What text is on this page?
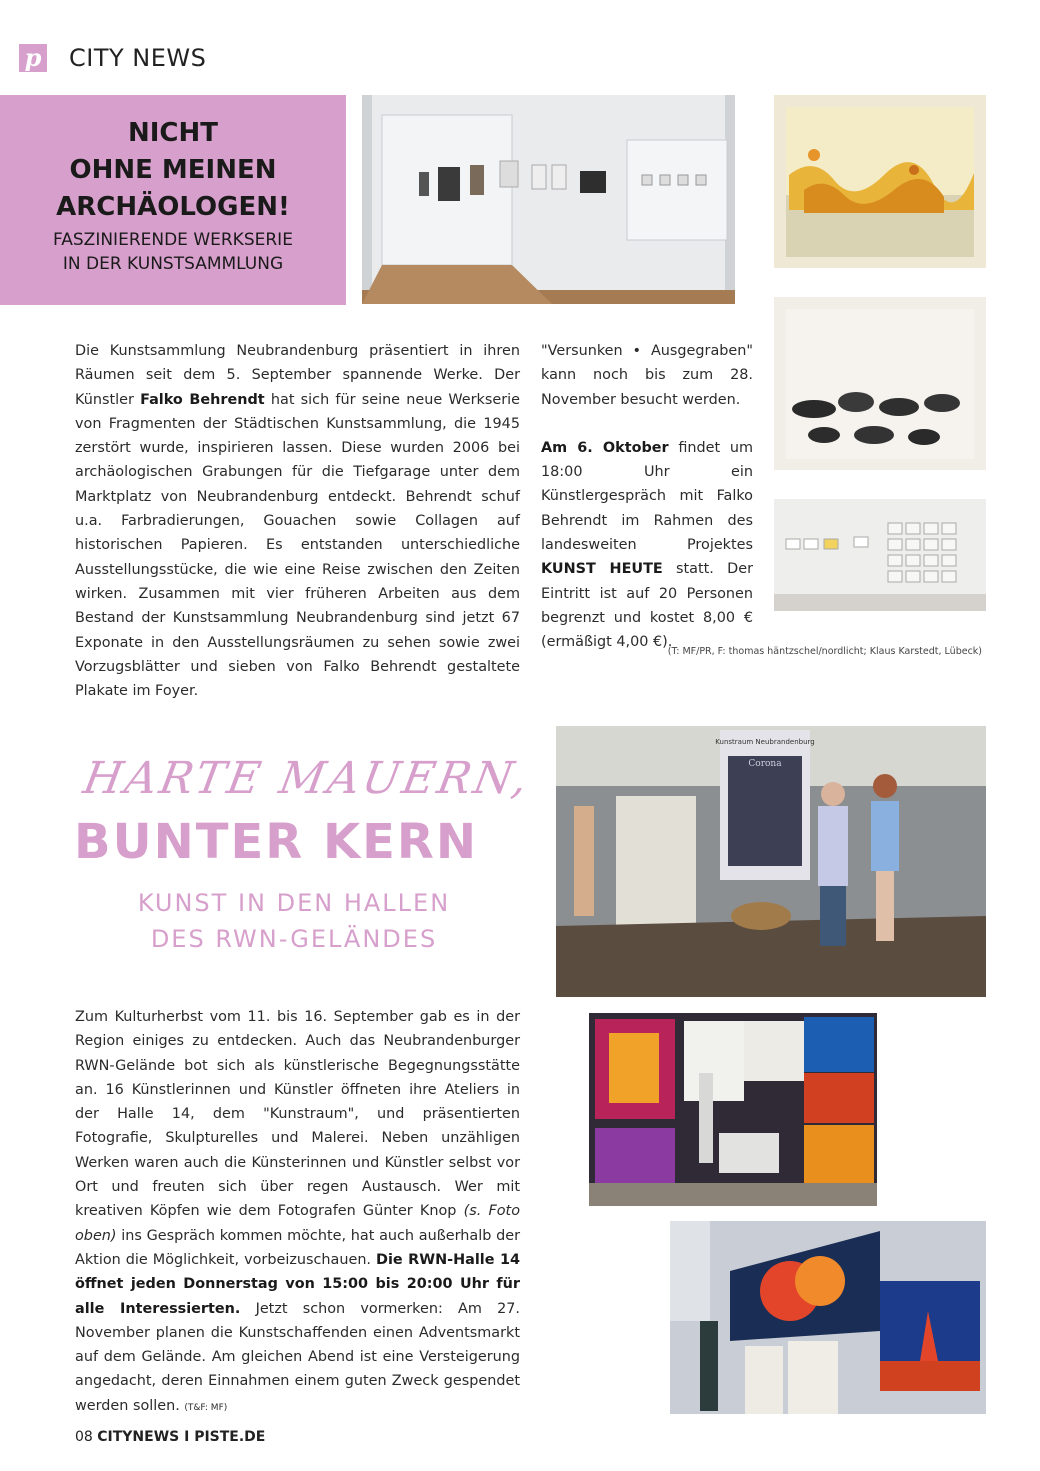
p CITY NEWS
NICHT
OHNE MEINEN
ARCHÄOLOGEN!
FASZINIERENDE WERKSERIE
IN DER KUNSTSAMMLUNG

Die Kunstsammlung Neubrandenburg präsentiert in ihren Räumen seit dem 5. September spannende Werke. Der Künstler Falko Behrendt hat sich für seine neue Werkserie von Fragmenten der Städtischen Kunstsammlung, die 1945 zerstört wurde, inspirieren lassen. Diese wurden 2006 bei archäologischen Grabungen für die Tiefgarage unter dem Marktplatz von Neubrandenburg entdeckt. Behrendt schuf u.a. Farbradierungen, Gouachen sowie Collagen auf historischen Papieren. Es entstanden unterschiedliche Ausstellungsstücke, die wie eine Reise zwischen den Zeiten wirken. Zusammen mit vier früheren Arbeiten aus dem Bestand der Kunstsammlung Neubrandenburg sind jetzt 67 Exponate in den Ausstellungsräumen zu sehen sowie zwei Vorzugsblätter und sieben von Falko Behrendt gestaltete Plakate im Foyer.

"Versunken • Ausgegraben" kann noch bis zum 28. November besucht werden.

Am 6. Oktober findet um 18:00 Uhr ein Künstlergespräch mit Falko Behrendt im Rahmen des landesweiten Projektes KUNST HEUTE statt. Der Eintritt ist auf 20 Personen begrenzt und kostet 8,00 € (ermäßigt 4,00 €).

(T: MF/PR, F: thomas häntzschel/nordlicht; Klaus Karstedt, Lübeck)
HARTE MAUERN,
BUNTER KERN
KUNST IN DEN HALLEN
DES RWN-GELÄNDES
Kunstraum Neubrandenburg
Corona

Zum Kulturherbst vom 11. bis 16. September gab es in der Region einiges zu entdecken. Auch das Neubrandenburger RWN-Gelände bot sich als künstlerische Begegnungsstätte an. 16 Künstlerinnen und Künstler öffneten ihre Ateliers in der Halle 14, dem "Kunstraum", und präsentierten Fotografie, Skulpturelles und Malerei. Neben unzähligen Werken waren auch die Künsterinnen und Künstler selbst vor Ort und freuten sich über regen Austausch. Wer mit kreativen Köpfen wie dem Fotografen Günter Knop (s. Foto oben) ins Gespräch kommen möchte, hat auch außerhalb der Aktion die Möglichkeit, vorbeizuschauen. Die RWN-Halle 14 öffnet jeden Donnerstag von 15:00 bis 20:00 Uhr für alle Interessierten. Jetzt schon vormerken: Am 27. November planen die Kunstschaffenden einen Adventsmarkt auf dem Gelände. Am gleichen Abend ist eine Versteigerung angedacht, deren Einnahmen einem guten Zweck gespendet werden sollen. (T&F: MF)

08 CITYNEWS I PISTE.DE
